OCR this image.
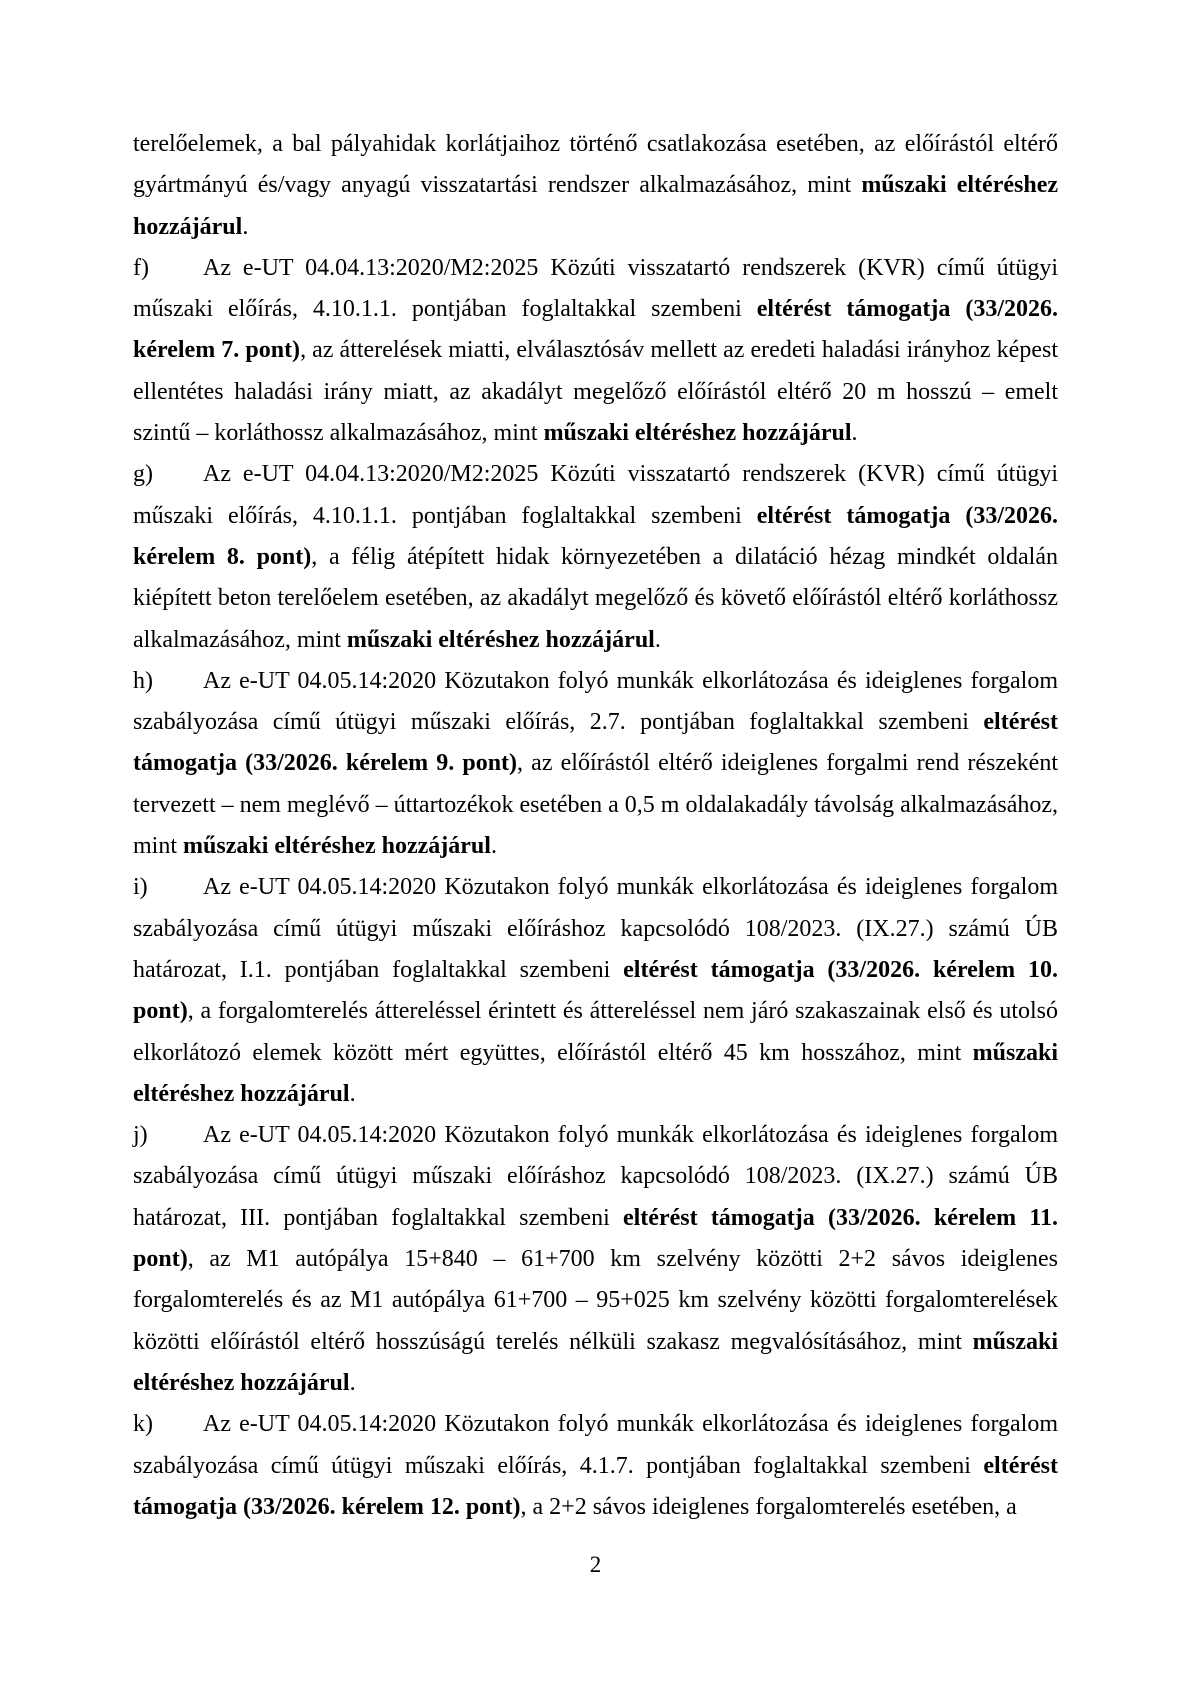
terelőelemek, a bal pályahidak korlátjaihoz történő csatlakozása esetében, az előírástól eltérő gyártmányú és/vagy anyagú visszatartási rendszer alkalmazásához, mint műszaki eltéréshez hozzájárul.

f) Az e-UT 04.04.13:2020/M2:2025 Közúti visszatartó rendszerek (KVR) című útügyi műszaki előírás, 4.10.1.1. pontjában foglaltakkal szembeni eltérést támogatja (33/2026. kérelem 7. pont), az átterelések miatti, elválasztósáv mellett az eredeti haladási irányhoz képest ellentétes haladási irány miatt, az akadályt megelőző előírástól eltérő 20 m hosszú – emelt szintű – korláthossz alkalmazásához, mint műszaki eltéréshez hozzájárul.

g) Az e-UT 04.04.13:2020/M2:2025 Közúti visszatartó rendszerek (KVR) című útügyi műszaki előírás, 4.10.1.1. pontjában foglaltakkal szembeni eltérést támogatja (33/2026. kérelem 8. pont), a félig átépített hidak környezetében a dilatáció hézag mindkét oldalán kiépített beton terelőelem esetében, az akadályt megelőző és követő előírástól eltérő korláthossz alkalmazásához, mint műszaki eltéréshez hozzájárul.

h) Az e-UT 04.05.14:2020 Közutakon folyó munkák elkorlátozása és ideiglenes forgalom szabályozása című útügyi műszaki előírás, 2.7. pontjában foglaltakkal szembeni eltérést támogatja (33/2026. kérelem 9. pont), az előírástól eltérő ideiglenes forgalmi rend részeként tervezett – nem meglévő – úttartozékok esetében a 0,5 m oldalakadály távolság alkalmazásához, mint műszaki eltéréshez hozzájárul.

i) Az e-UT 04.05.14:2020 Közutakon folyó munkák elkorlátozása és ideiglenes forgalom szabályozása című útügyi műszaki előíráshoz kapcsolódó 108/2023. (IX.27.) számú ÚB határozat, I.1. pontjában foglaltakkal szembeni eltérést támogatja (33/2026. kérelem 10. pont), a forgalomterelés áttereléssel érintett és áttereléssel nem járó szakaszainak első és utolsó elkorlátozó elemek között mért együttes, előírástól eltérő 45 km hosszához, mint műszaki eltéréshez hozzájárul.

j) Az e-UT 04.05.14:2020 Közutakon folyó munkák elkorlátozása és ideiglenes forgalom szabályozása című útügyi műszaki előíráshoz kapcsolódó 108/2023. (IX.27.) számú ÚB határozat, III. pontjában foglaltakkal szembeni eltérést támogatja (33/2026. kérelem 11. pont), az M1 autópálya 15+840 – 61+700 km szelvény közötti 2+2 sávos ideiglenes forgalomterelés és az M1 autópálya 61+700 – 95+025 km szelvény közötti forgalomterelések közötti előírástól eltérő hosszúságú terelés nélküli szakasz megvalósításához, mint műszaki eltéréshez hozzájárul.

k) Az e-UT 04.05.14:2020 Közutakon folyó munkák elkorlátozása és ideiglenes forgalom szabályozása című útügyi műszaki előírás, 4.1.7. pontjában foglaltakkal szembeni eltérést támogatja (33/2026. kérelem 12. pont), a 2+2 sávos ideiglenes forgalomterelés esetében, a

2
